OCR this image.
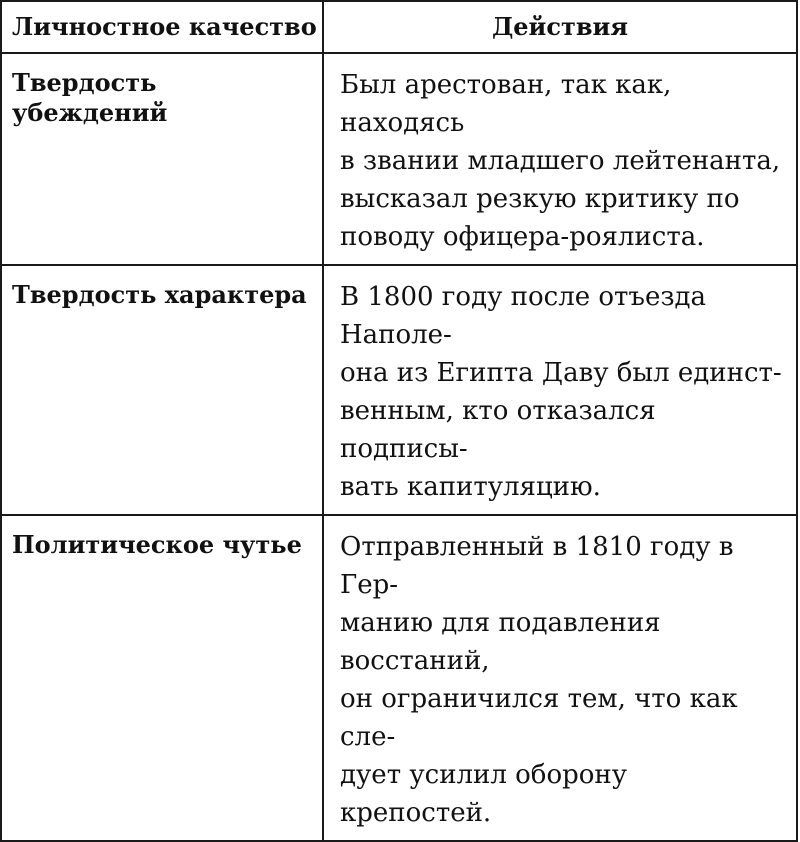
Личностное качество	Действия
Твердость убеждений	Был арестован, так как, находясь
в звании младшего лейтенанта,
высказал резкую критику по
поводу офицера-роялиста.
Твердость характера	В 1800 году после отъезда Наполе-
она из Египта Даву был единст-
венным, кто отказался подписы-
вать капитуляцию.
Политическое чутье	Отправленный в 1810 году в Гер-
манию для подавления восстаний,
он ограничился тем, что как сле-
дует усилил оборону крепостей.
